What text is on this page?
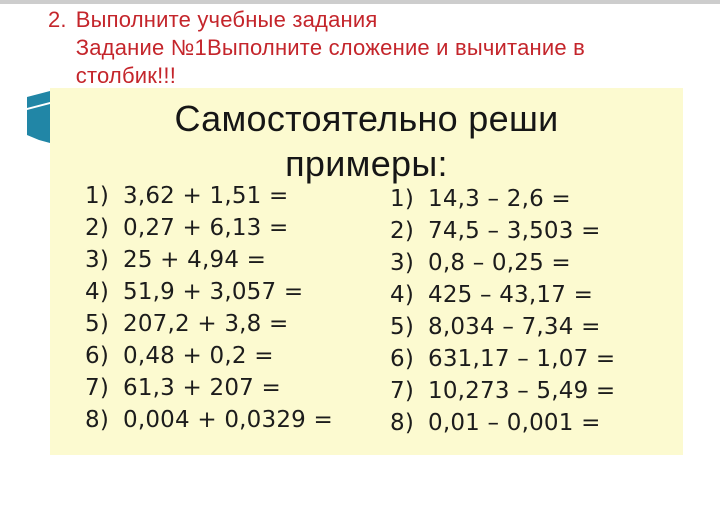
2. Выполните учебные задания
Задание №1Выполните сложение и вычитание в
столбик!!!
Самостоятельно реши примеры:
1) 3,62 + 1,51 =
2) 0,27 + 6,13 =
3) 25 + 4,94 =
4) 51,9 + 3,057 =
5) 207,2 + 3,8 =
6) 0,48 + 0,2 =
7) 61,3 + 207 =
8) 0,004 + 0,0329 =
1) 14,3 – 2,6 =
2) 74,5 – 3,503 =
3) 0,8 – 0,25 =
4) 425 – 43,17 =
5) 8,034 – 7,34 =
6) 631,17 – 1,07 =
7) 10,273 – 5,49 =
8) 0,01 – 0,001 =
